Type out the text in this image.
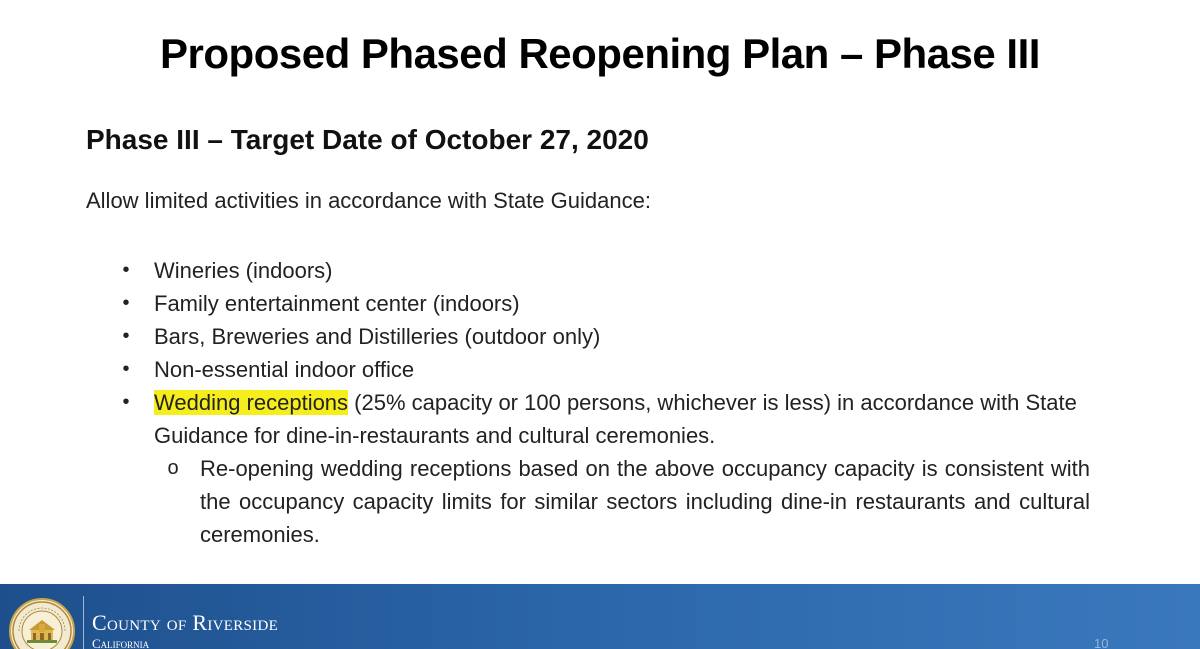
Proposed Phased Reopening Plan – Phase III
Phase III – Target Date of October 27, 2020
Allow limited activities in accordance with State Guidance:
• Wineries (indoors)
• Family entertainment center (indoors)
• Bars, Breweries and Distilleries (outdoor only)
• Non-essential indoor office
• Wedding receptions (25% capacity or 100 persons, whichever is less) in accordance with State Guidance for dine-in-restaurants and cultural ceremonies.
o Re-opening wedding receptions based on the above occupancy capacity is consistent with the occupancy capacity limits for similar sectors including dine-in restaurants and cultural ceremonies.
County of Riverside
California	10
